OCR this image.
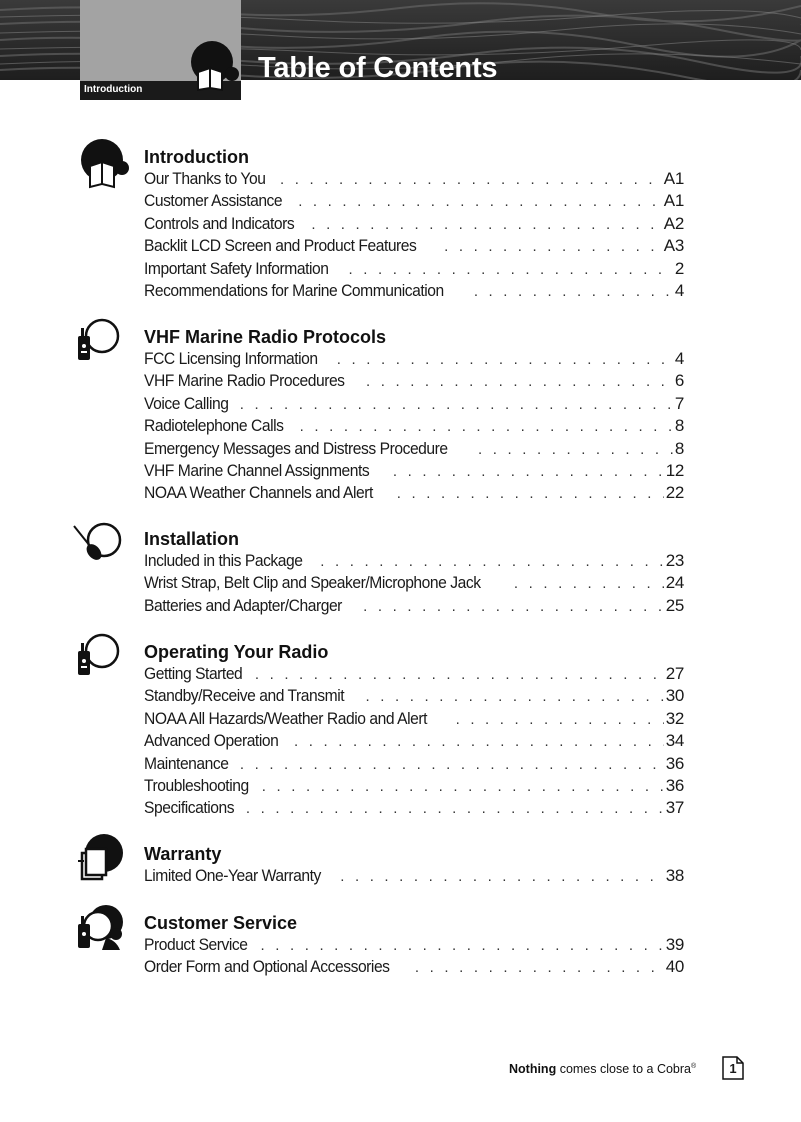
Introduction
Table of Contents
Introduction
Our Thanks to You . . .	A1
Customer Assistance . . .	A1
Controls and Indicators . . .	A2
Backlit LCD Screen and Product Features . . .	A3
Important Safety Information . . .	2
Recommendations for Marine Communication . . .	4
VHF Marine Radio Protocols
FCC Licensing Information . . .	4
VHF Marine Radio Procedures . . .	6
Voice Calling . . .	7
Radiotelephone Calls . . .	8
Emergency Messages and Distress Procedure . . .	8
VHF Marine Channel Assignments . . .	12
NOAA Weather Channels and Alert . . .	22
Installation
Included in this Package . . .	23
Wrist Strap, Belt Clip and Speaker/Microphone Jack . . .	24
Batteries and Adapter/Charger . . .	25
Operating Your Radio
Getting Started . . .	27
Standby/Receive and Transmit . . .	30
NOAA All Hazards/Weather Radio and Alert . . .	32
Advanced Operation . . .	34
Maintenance . . .	36
Troubleshooting . . .	36
Specifications . . .	37
Warranty
Limited One-Year Warranty . . .	38
Customer Service
Product Service . . .	39
Order Form and Optional Accessories . . .	40
Nothing comes close to a Cobra®	1
